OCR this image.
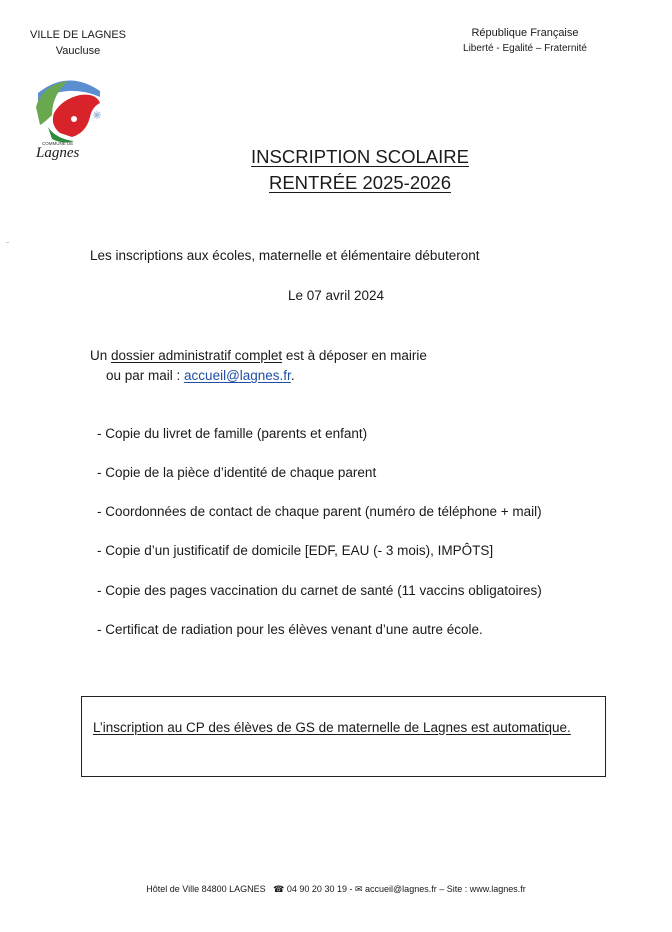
VILLE DE LAGNES
Vaucluse
République Française
Liberté - Egalité – Fraternité
COMMUNE DE
Lagnes	INSCRIPTION SCOLAIRE
RENTRÉE 2025-2026
Les inscriptions aux écoles, maternelle et élémentaire débuteront
Le 07 avril 2024
Un dossier administratif complet est à déposer en mairie
ou par mail : accueil@lagnes.fr.
- Copie du livret de famille (parents et enfant)
- Copie de la pièce d’identité de chaque parent
- Coordonnées de contact de chaque parent (numéro de téléphone + mail)
- Copie d’un justificatif de domicile [EDF, EAU (- 3 mois), IMPÔTS]
- Copie des pages vaccination du carnet de santé (11 vaccins obligatoires)
- Certificat de radiation pour les élèves venant d’une autre école.
L’inscription au CP des élèves de GS de maternelle de Lagnes est automatique.
Hôtel de Ville 84800 LAGNES ☎ 04 90 20 30 19 - ✉ accueil@lagnes.fr – Site : www.lagnes.fr
